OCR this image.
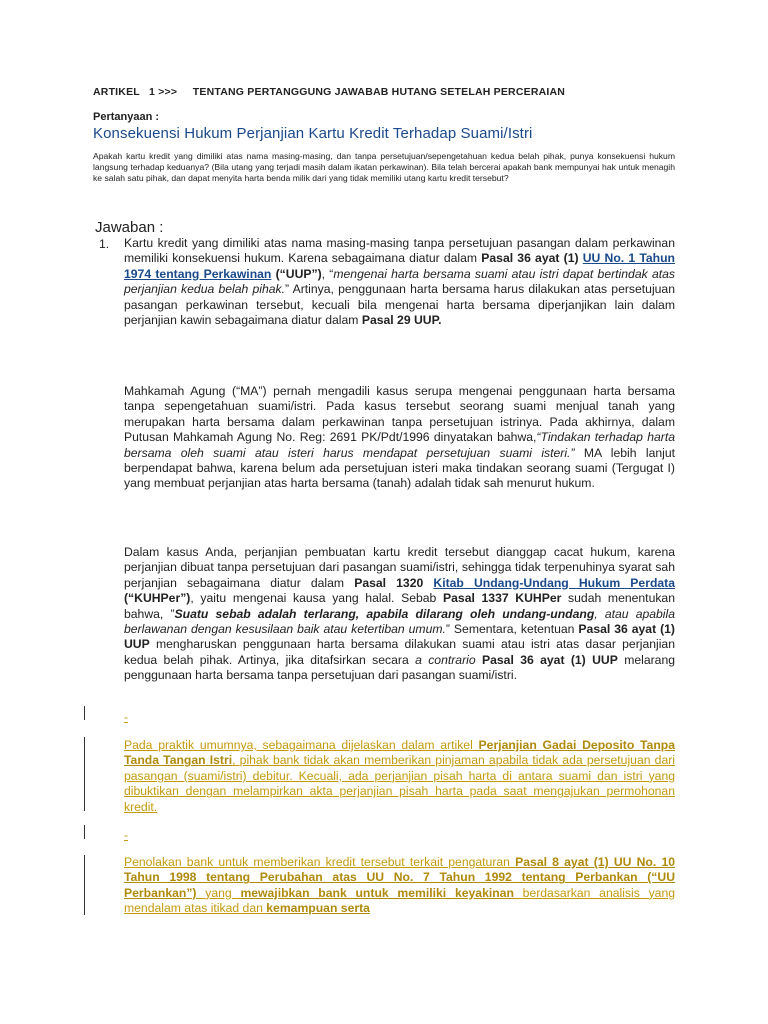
ARTIKEL   1 >>>     TENTANG PERTANGGUNG JAWABAB HUTANG SETELAH PERCERAIAN
Pertanyaan :
Konsekuensi Hukum Perjanjian Kartu Kredit Terhadap Suami/Istri
Apakah kartu kredit yang dimiliki atas nama masing-masing, dan tanpa persetujuan/sepengetahuan kedua belah pihak, punya konsekuensi hukum langsung terhadap keduanya? (Bila utang yang terjadi masih dalam ikatan perkawinan). Bila telah bercerai apakah bank mempunyai hak untuk menagih ke salah satu pihak, dan dapat menyita harta benda milik dari yang tidak memiliki utang kartu kredit tersebut?
Jawaban :
1. Kartu kredit yang dimiliki atas nama masing-masing tanpa persetujuan pasangan dalam perkawinan memiliki konsekuensi hukum. Karena sebagaimana diatur dalam Pasal 36 ayat (1) UU No. 1 Tahun 1974 tentang Perkawinan (“UUP”), “mengenai harta bersama suami atau istri dapat bertindak atas perjanjian kedua belah pihak.” Artinya, penggunaan harta bersama harus dilakukan atas persetujuan pasangan perkawinan tersebut, kecuali bila mengenai harta bersama diperjanjikan lain dalam perjanjian kawin sebagaimana diatur dalam Pasal 29 UUP.
Mahkamah Agung (“MA”) pernah mengadili kasus serupa mengenai penggunaan harta bersama tanpa sepengetahuan suami/istri. Pada kasus tersebut seorang suami menjual tanah yang merupakan harta bersama dalam perkawinan tanpa persetujuan istrinya. Pada akhirnya, dalam Putusan Mahkamah Agung No. Reg: 2691 PK/Pdt/1996 dinyatakan bahwa,“Tindakan terhadap harta bersama oleh suami atau isteri harus mendapat persetujuan suami isteri.” MA lebih lanjut berpendapat bahwa, karena belum ada persetujuan isteri maka tindakan seorang suami (Tergugat I) yang membuat perjanjian atas harta bersama (tanah) adalah tidak sah menurut hukum.
Dalam kasus Anda, perjanjian pembuatan kartu kredit tersebut dianggap cacat hukum, karena perjanjian dibuat tanpa persetujuan dari pasangan suami/istri, sehingga tidak terpenuhinya syarat sah perjanjian sebagaimana diatur dalam Pasal 1320 Kitab Undang-Undang Hukum Perdata (“KUHPer”), yaitu mengenai kausa yang halal. Sebab Pasal 1337 KUHPer sudah menentukan bahwa, ”Suatu sebab adalah terlarang, apabila dilarang oleh undang-undang, atau apabila berlawanan dengan kesusilaan baik atau ketertiban umum.” Sementara, ketentuan Pasal 36 ayat (1) UUP mengharuskan penggunaan harta bersama dilakukan suami atau istri atas dasar perjanjian kedua belah pihak. Artinya, jika ditafsirkan secara a contrario Pasal 36 ayat (1) UUP melarang penggunaan harta bersama tanpa persetujuan dari pasangan suami/istri.
-
Pada praktik umumnya, sebagaimana dijelaskan dalam artikel Perjanjian Gadai Deposito Tanpa Tanda Tangan Istri, pihak bank tidak akan memberikan pinjaman apabila tidak ada persetujuan dari pasangan (suami/istri) debitur. Kecuali, ada perjanjian pisah harta di antara suami dan istri yang dibuktikan dengan melampirkan akta perjanjian pisah harta pada saat mengajukan permohonan kredit.
-
Penolakan bank untuk memberikan kredit tersebut terkait pengaturan Pasal 8 ayat (1) UU No. 10 Tahun 1998 tentang Perubahan atas UU No. 7 Tahun 1992 tentang Perbankan (“UU Perbankan”) yang mewajibkan bank untuk memiliki keyakinan berdasarkan analisis yang mendalam atas itikad dan kemampuan serta
